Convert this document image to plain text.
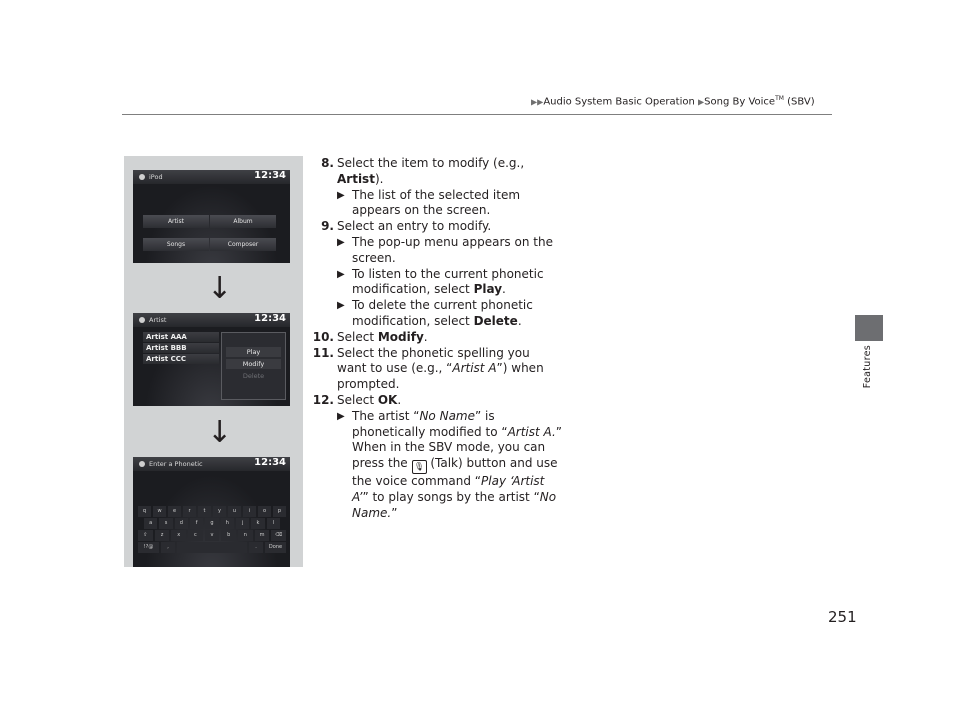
▶▶Audio System Basic Operation ▶Song By Voice™ (SBV)
Features
251
iPod	12:34
Artist	Album Songs	Composer
↓
Artist	12:34
Artist AAA
Artist BBB
Artist CCC
Play
Modify
Delete
↓
Enter a Phonetic	12:34
q	w	e	r	t	y	u	i	o	p
a	s	d	f	g	h	j	k	l
⇧	z	x	c	v	b	n	m	⌫
!?@	,	.	Done
8. Select the item to modify (e.g., Artist).
▶ The list of the selected item appears on the screen.
9. Select an entry to modify.
▶ The pop-up menu appears on the screen.
▶ To listen to the current phonetic modification, select Play.
▶ To delete the current phonetic modification, select Delete.
10. Select Modify.
11. Select the phonetic spelling you want to use (e.g., “Artist A”) when prompted.
12. Select OK.
▶ The artist “No Name” is phonetically modified to “Artist A.” When in the SBV mode, you can press the 🎙 (Talk) button and use the voice command “Play ‘Artist A’” to play songs by the artist “No Name.”
